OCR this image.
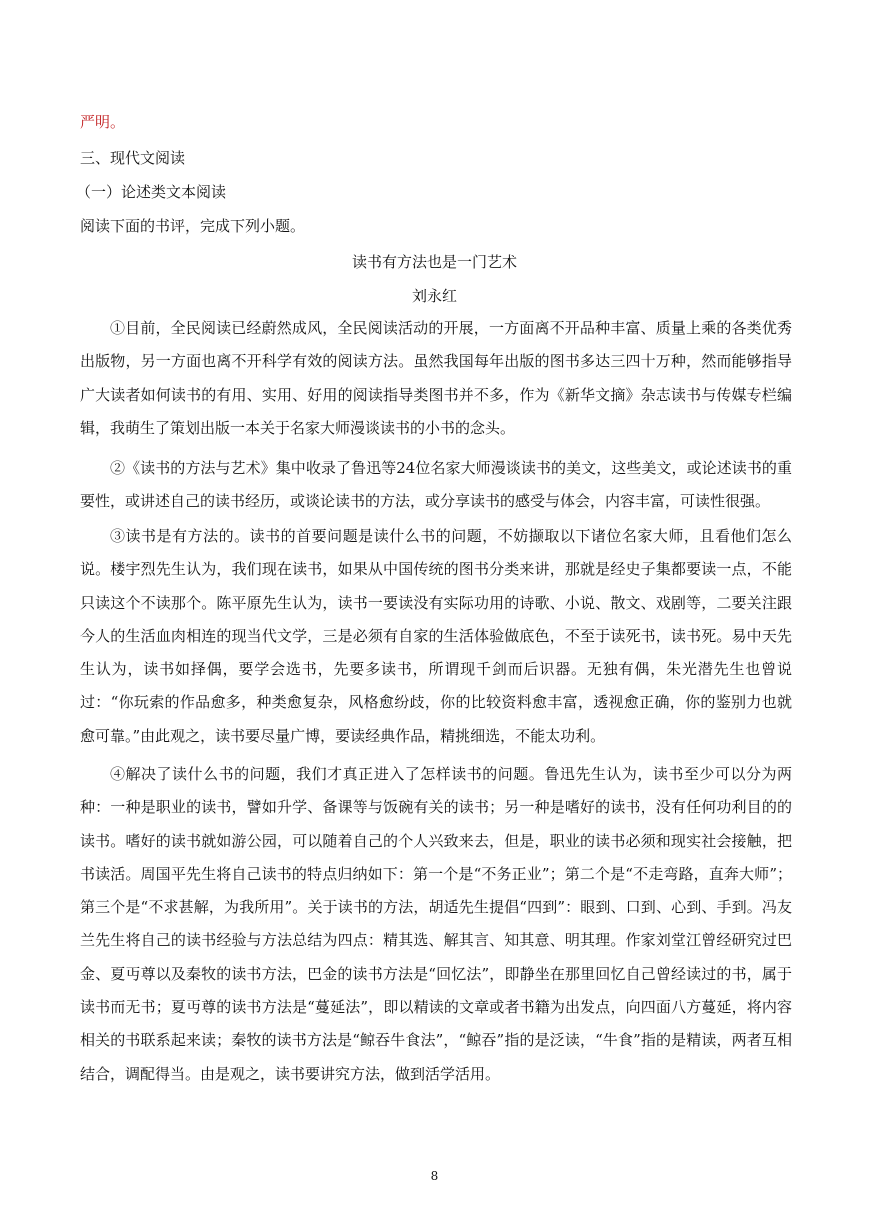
严明。
三、现代文阅读
（一）论述类文本阅读
阅读下面的书评，完成下列小题。
读书有方法也是一门艺术
刘永红
①目前，全民阅读已经蔚然成风，全民阅读活动的开展，一方面离不开品种丰富、质量上乘的各类优秀出版物，另一方面也离不开科学有效的阅读方法。虽然我国每年出版的图书多达三四十万种，然而能够指导广大读者如何读书的有用、实用、好用的阅读指导类图书并不多，作为《新华文摘》杂志读书与传媒专栏编辑，我萌生了策划出版一本关于名家大师漫谈读书的小书的念头。
②《读书的方法与艺术》集中收录了鲁迅等24位名家大师漫谈读书的美文，这些美文，或论述读书的重要性，或讲述自己的读书经历，或谈论读书的方法，或分享读书的感受与体会，内容丰富，可读性很强。
③读书是有方法的。读书的首要问题是读什么书的问题，不妨撷取以下诸位名家大师，且看他们怎么说。楼宇烈先生认为，我们现在读书，如果从中国传统的图书分类来讲，那就是经史子集都要读一点，不能只读这个不读那个。陈平原先生认为，读书一要读没有实际功用的诗歌、小说、散文、戏剧等，二要关注跟今人的生活血肉相连的现当代文学，三是必须有自家的生活体验做底色，不至于读死书，读书死。易中天先生认为，读书如择偶，要学会选书，先要多读书，所谓现千剑而后识器。无独有偶，朱光潜先生也曾说过：“你玩索的作品愈多，种类愈复杂，风格愈纷歧，你的比较资料愈丰富，透视愈正确，你的鉴别力也就愈可靠。”由此观之，读书要尽量广博，要读经典作品，精挑细选，不能太功利。
④解决了读什么书的问题，我们才真正进入了怎样读书的问题。鲁迅先生认为，读书至少可以分为两种：一种是职业的读书，譬如升学、备课等与饭碗有关的读书；另一种是嗜好的读书，没有任何功利目的的读书。嗜好的读书就如游公园，可以随着自己的个人兴致来去，但是，职业的读书必须和现实社会接触，把书读活。周国平先生将自己读书的特点归纳如下：第一个是“不务正业”；第二个是“不走弯路，直奔大师”；第三个是“不求甚解，为我所用”。关于读书的方法，胡适先生提倡“四到”：眼到、口到、心到、手到。冯友兰先生将自己的读书经验与方法总结为四点：精其选、解其言、知其意、明其理。作家刘堂江曾经研究过巴金、夏丏尊以及秦牧的读书方法，巴金的读书方法是“回忆法”，即静坐在那里回忆自己曾经读过的书，属于读书而无书；夏丏尊的读书方法是“蔓延法”，即以精读的文章或者书籍为出发点，向四面八方蔓延，将内容相关的书联系起来读；秦牧的读书方法是“鲸吞牛食法”，“鲸吞”指的是泛读，“牛食”指的是精读，两者互相结合，调配得当。由是观之，读书要讲究方法，做到活学活用。
8
